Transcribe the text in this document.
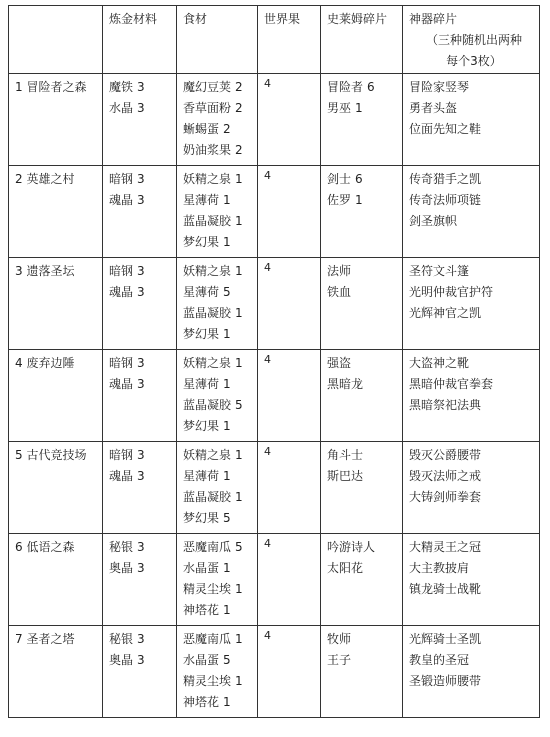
	炼金材料	食材	世界果	史莱姆碎片	神器碎片
（三种随机出两种
每个3枚）

1 冒险者之森	魔铁 3
水晶 3	魔幻豆荚 2
香草面粉 2
蜥蜴蛋 2
奶油浆果 2	4	冒险者 6
男巫 1	冒险家竖琴
勇者头盔
位面先知之鞋

2 英雄之村	暗钢 3
魂晶 3	妖精之泉 1
星薄荷 1
蓝晶凝胶 1
梦幻果 1	4	剑士 6
佐罗 1	传奇猎手之凯
传奇法师项链
剑圣旗帜

3 遗落圣坛	暗钢 3
魂晶 3	妖精之泉 1
星薄荷 5
蓝晶凝胶 1
梦幻果 1	4	法师
铁血	圣符文斗篷
光明仲裁官护符
光辉神官之凯

4 废弃边陲	暗钢 3
魂晶 3	妖精之泉 1
星薄荷 1
蓝晶凝胶 5
梦幻果 1	4	强盗
黑暗龙	大盗神之靴
黑暗仲裁官拳套
黑暗祭祀法典

5 古代竞技场	暗钢 3
魂晶 3	妖精之泉 1
星薄荷 1
蓝晶凝胶 1
梦幻果 5	4	角斗士
斯巴达	毁灭公爵腰带
毁灭法师之戒
大铸剑师拳套

6 低语之森	秘银 3
奥晶 3	恶魔南瓜 5
水晶蛋 1
精灵尘埃 1
神塔花 1	4	吟游诗人
太阳花	大精灵王之冠
大主教披肩
镇龙骑士战靴

7 圣者之塔	秘银 3
奥晶 3	恶魔南瓜 1
水晶蛋 5
精灵尘埃 1
神塔花 1	4	牧师
王子	光辉骑士圣凯
教皇的圣冠
圣锻造师腰带
